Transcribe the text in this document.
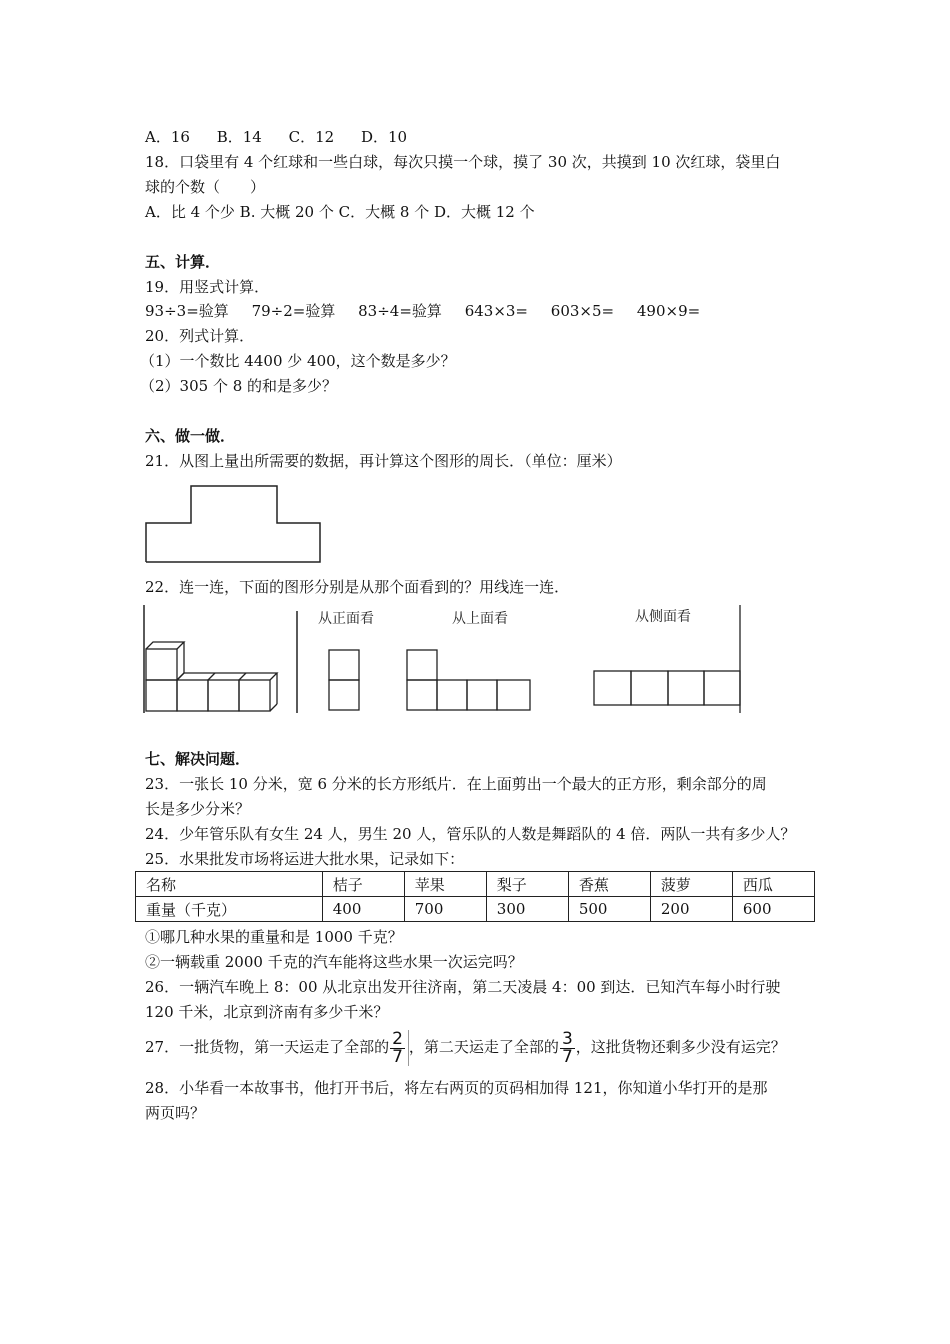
A．16 B．14 C．12 D．10
18．口袋里有 4 个红球和一些白球，每次只摸一个球，摸了 30 次，共摸到 10 次红球，袋里白
球的个数（　　）
A．比 4 个少 B. 大概 20 个 C．大概 8 个 D．大概 12 个
五、计算．
19．用竖式计算．
93÷3=验算 79÷2=验算 83÷4=验算 643×3= 603×5= 490×9=
20．列式计算．
（1）一个数比 4400 少 400，这个数是多少？
（2）305 个 8 的和是多少？
六、做一做．
21．从图上量出所需要的数据，再计算这个图形的周长．（单位：厘米）
22．连一连，下面的图形分别是从那个面看到的？用线连一连．
从正面看	从上面看	从侧面看
七、解决问题．
23．一张长 10 分米，宽 6 分米的长方形纸片．在上面剪出一个最大的正方形，剩余部分的周
长是多少分米？
24．少年管乐队有女生 24 人，男生 20 人，管乐队的人数是舞蹈队的 4 倍．两队一共有多少人？
25．水果批发市场将运进大批水果，记录如下：
名称	桔子	苹果	梨子	香蕉	菠萝	西瓜
重量（千克）	400	700	300	500	200	600
①哪几种水果的重量和是 1000 千克？
②一辆载重 2000 千克的汽车能将这些水果一次运完吗？
26．一辆汽车晚上 8：00 从北京出发开往济南，第二天凌晨 4：00 到达．已知汽车每小时行驶
120 千米，北京到济南有多少千米？
27．一批货物，第一天运走了全部的 $\frac{2}{7}$ ，第二天运走了全部的 $\frac{3}{7}$ ，这批货物还剩多少没有运完？
28．小华看一本故事书，他打开书后，将左右两页的页码相加得 121，你知道小华打开的是那
两页吗？
